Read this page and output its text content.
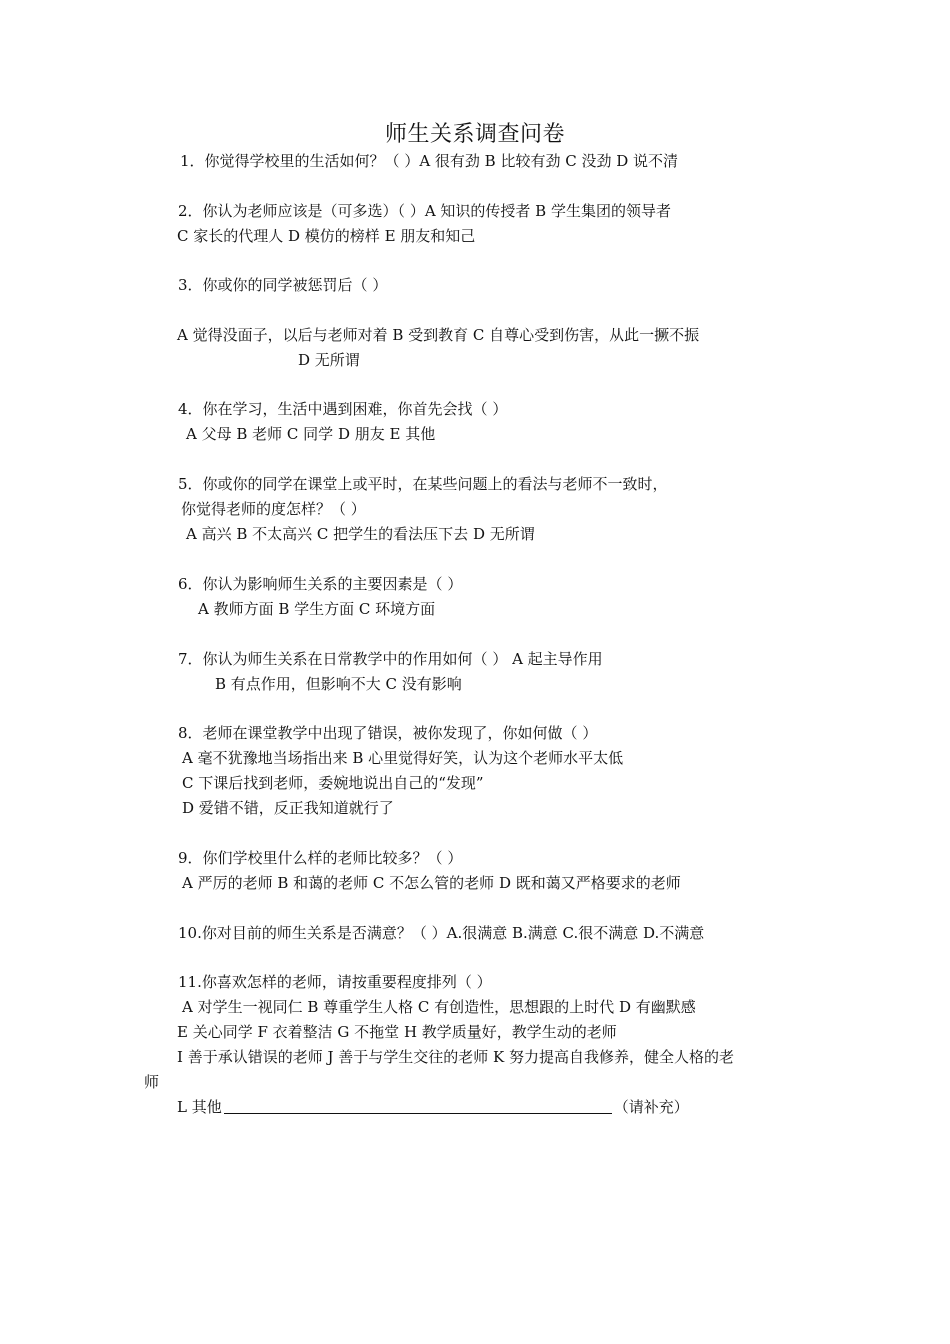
师生关系调查问卷
1．你觉得学校里的生活如何？（ ）A 很有劲 B 比较有劲 C 没劲 D 说不清
2．你认为老师应该是（可多选）（ ）A 知识的传授者 B 学生集团的领导者
C 家长的代理人 D 模仿的榜样 E 朋友和知己
3．你或你的同学被惩罚后（ ）
A 觉得没面子，以后与老师对着 B 受到教育 C 自尊心受到伤害，从此一撅不振
D 无所谓
4．你在学习，生活中遇到困难，你首先会找（ ）
A 父母 B 老师 C 同学 D 朋友 E 其他
5．你或你的同学在课堂上或平时，在某些问题上的看法与老师不一致时，
你觉得老师的度怎样？（ ）
A 高兴 B 不太高兴 C 把学生的看法压下去 D 无所谓
6．你认为影响师生关系的主要因素是（ ）
A 教师方面 B 学生方面 C 环境方面
7．你认为师生关系在日常教学中的作用如何（ ） A 起主导作用
B 有点作用，但影响不大 C 没有影响
8．老师在课堂教学中出现了错误，被你发现了，你如何做（ ）
A 毫不犹豫地当场指出来 B 心里觉得好笑，认为这个老师水平太低
C 下课后找到老师，委婉地说出自己的“发现”
D 爱错不错，反正我知道就行了
9．你们学校里什么样的老师比较多？（ ）
A 严厉的老师 B 和蔼的老师 C 不怎么管的老师 D 既和蔼又严格要求的老师
10.你对目前的师生关系是否满意？（ ）A.很满意 B.满意 C.很不满意 D.不满意
11.你喜欢怎样的老师，请按重要程度排列（ ）
A 对学生一视同仁 B 尊重学生人格 C 有创造性，思想跟的上时代 D 有幽默感
E 关心同学 F 衣着整洁 G 不拖堂 H 教学质量好，教学生动的老师
I 善于承认错误的老师 J 善于与学生交往的老师 K 努力提高自我修养，健全人格的老
师
L 其他	（请补充）
